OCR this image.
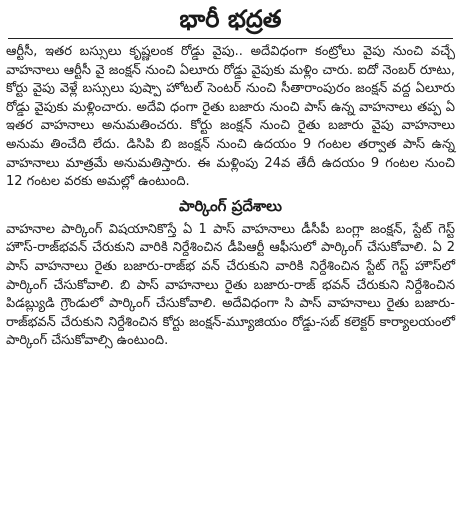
భారీ భద్రత

ఆర్టీసీ, ఇతర బస్సులు కృష్ణలంక రోడ్డు వైపు.. అదేవిధంగా కంట్రోలు వైపు నుంచి వచ్చే వాహనాలు ఆర్టీసీ వై జంక్షన్ నుంచి ఏలూరు రోడ్డు వైపుకు మళ్లిం చారు. ఐదో నెంబర్ రూటు, కోర్టు వైపు వెళ్లే బస్సులు పుష్పా హోటల్ సెంటర్ నుంచి సీతారాంపురం జంక్షన్ వద్ద ఏలూరు రోడ్డు వైపుకు మళ్లించారు. అదేవి ధంగా రైతు బజారు నుంచి పాస్ ఉన్న వాహనాలు తప్ప ఏ ఇతర వాహనాలు అనుమతించరు. కోర్టు జంక్షన్ నుంచి రైతు బజారు వైపు వాహనాలు అనుమ తించేది లేదు. డిసిపి బి జంక్షన్ నుంచి ఉదయం 9 గంటల తర్వాత పాస్ ఉన్న వాహనాలు మాత్రమే అనుమతిస్తారు. ఈ మళ్లింపు 24వ తేదీ ఉదయం 9 గంటల నుంచి 12 గంటల వరకు అమల్లో ఉంటుంది.

పార్కింగ్ ప్రదేశాలు

వాహనాల పార్కింగ్ విషయానికొస్తే ఏ 1 పాస్ వాహనాలు డీసీపీ బంగ్లా జంక్షన్, స్టేట్ గెస్ట్ హౌస్-రాజ్‌భవన్ చేరుకుని వారికి నిర్దేశించిన డీపిఆర్టీ ఆఫీసులో పార్కింగ్ చేసుకోవాలి. ఏ 2 పాస్ వాహనాలు రైతు బజారు-రాజ్‌భ వన్ చేరుకుని వారికి నిర్దేశించిన స్టేట్ గెస్ట్ హౌస్‌లో పార్కింగ్ చేసుకోవాలి. బి పాస్ వాహనాలు రైతు బజారు-రాజ్ భవన్ చేరుకుని నిర్దేశించిన పిడబ్ల్యుడి గ్రౌండులో పార్కింగ్ చేసుకోవాలి. అదేవిధంగా సి పాస్ వాహనాలు రైతు బజారు-రాజ్‌భవన్ చేరుకుని నిర్దేశించిన కోర్టు జంక్షన్-మ్యూజియం రోడ్డు-సబ్ కలెక్టర్ కార్యాలయంలో పార్కింగ్ చేసుకోవాల్సి ఉంటుంది.
